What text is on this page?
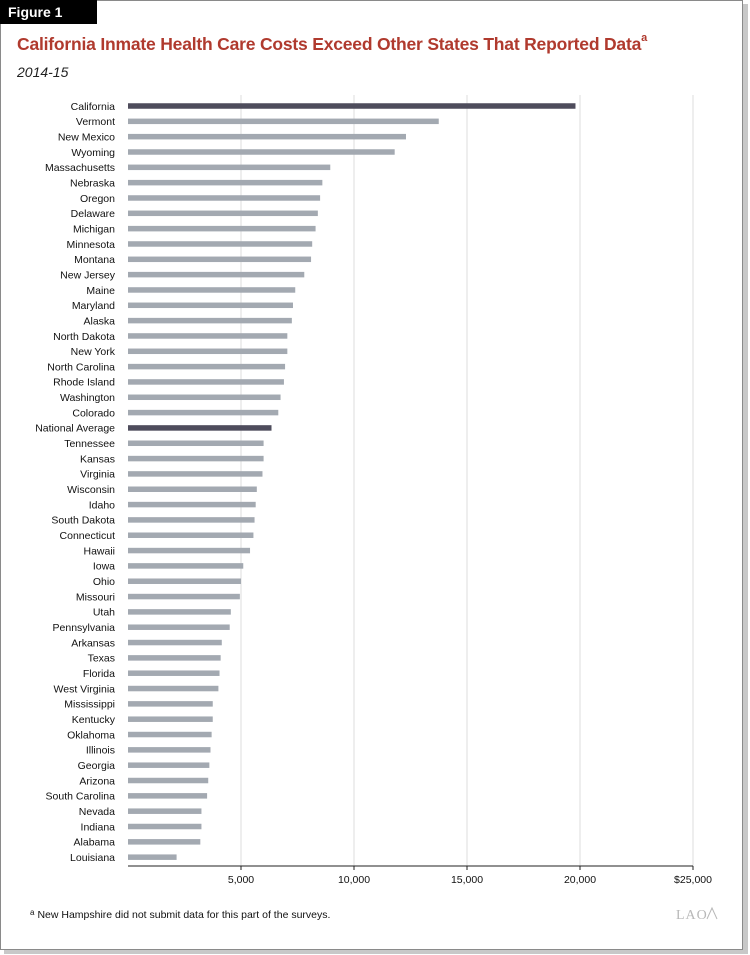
Figure 1
California Inmate Health Care Costs Exceed Other States That Reported Data$^a$
2014-15
California
Vermont
New Mexico
Wyoming
Massachusetts
Nebraska
Oregon
Delaware
Michigan
Minnesota
Montana
New Jersey
Maine
Maryland
Alaska
North Dakota
New York
North Carolina
Rhode Island
Washington
Colorado
National Average
Tennessee
Kansas
Virginia
Wisconsin
Idaho
South Dakota
Connecticut
Hawaii
Iowa
Ohio
Missouri
Utah
Pennsylvania
Arkansas
Texas
Florida
West Virginia
Mississippi
Kentucky
Oklahoma
Illinois
Georgia
Arizona
South Carolina
Nevada
Indiana
Alabama
Louisiana
5,000	10,000	15,000	20,000	$25,000
$^a$ New Hampshire did not submit data for this part of the surveys.	LAO
